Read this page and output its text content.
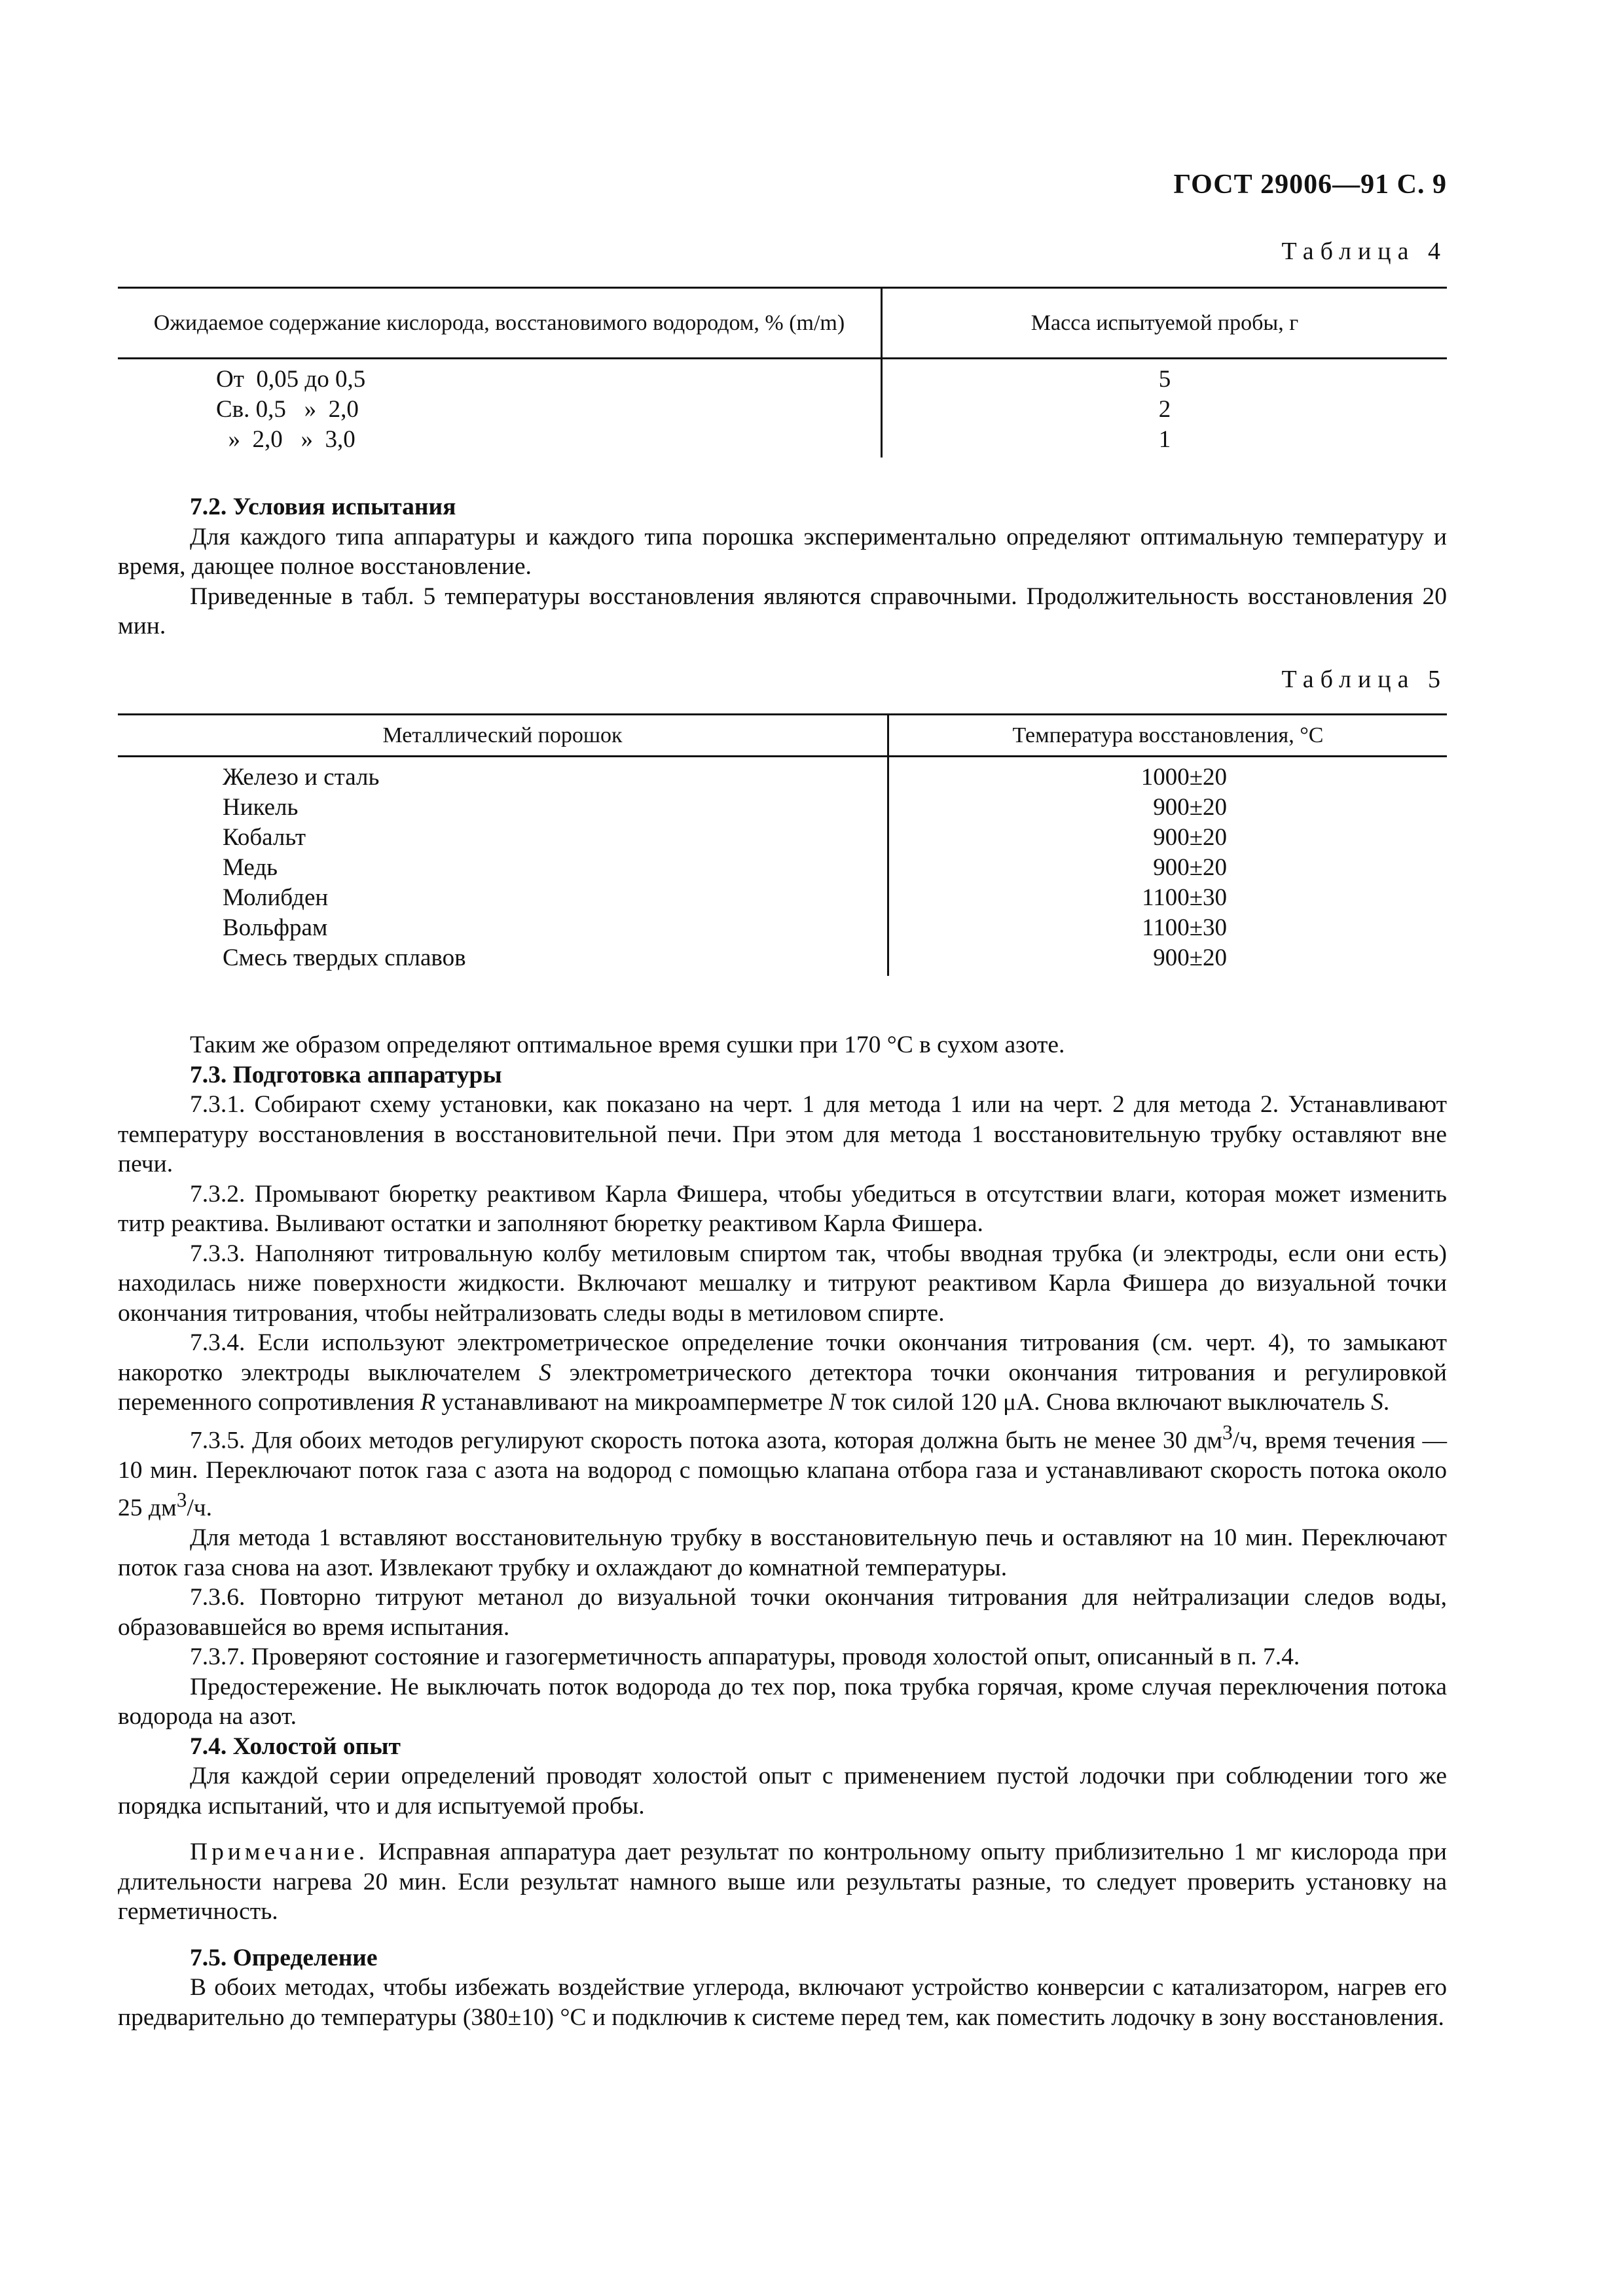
ГОСТ 29006—91 С. 9
Таблица 4
Ожидаемое содержание кислорода, восстановимого водородом, % (m/m)	Масса испытуемой пробы, г
От  0,05 до 0,5	5
Св. 0,5   »  2,0	2
»  2,0   »  3,0	1

7.2. Условия испытания

Для каждого типа аппаратуры и каждого типа порошка экспериментально определяют оптимальную температуру и время, дающее полное восстановление.

Приведенные в табл. 5 температуры восстановления являются справочными. Продолжительность восстановления 20 мин.

Таблица 5
Металлический порошок	Температура восстановления, °С
Железо и сталь	1000±20
Никель	900±20
Кобальт	900±20
Медь	900±20
Молибден	1100±30
Вольфрам	1100±30
Смесь твердых сплавов	900±20

Таким же образом определяют оптимальное время сушки при 170 °С в сухом азоте.

7.3. Подготовка аппаратуры

7.3.1. Собирают схему установки, как показано на черт. 1 для метода 1 или на черт. 2 для метода 2. Устанавливают температуру восстановления в восстановительной печи. При этом для метода 1 восстановительную трубку оставляют вне печи.

7.3.2. Промывают бюретку реактивом Карла Фишера, чтобы убедиться в отсутствии влаги, которая может изменить титр реактива. Выливают остатки и заполняют бюретку реактивом Карла Фишера.

7.3.3. Наполняют титровальную колбу метиловым спиртом так, чтобы вводная трубка (и электроды, если они есть) находилась ниже поверхности жидкости. Включают мешалку и титруют реактивом Карла Фишера до визуальной точки окончания титрования, чтобы нейтрализовать следы воды в метиловом спирте.

7.3.4. Если используют электрометрическое определение точки окончания титрования (см. черт. 4), то замыкают накоротко электроды выключателем S электрометрического детектора точки окончания титрования и регулировкой переменного сопротивления R устанавливают на микроамперметре N ток силой 120 μА. Снова включают выключатель S.

7.3.5. Для обоих методов регулируют скорость потока азота, которая должна быть не менее 30 $дм^3/ч$, время течения — 10 мин. Переключают поток газа с азота на водород с помощью клапана отбора газа и устанавливают скорость потока около 25 $дм^3/ч$.

Для метода 1 вставляют восстановительную трубку в восстановительную печь и оставляют на 10 мин. Переключают поток газа снова на азот. Извлекают трубку и охлаждают до комнатной температуры.

7.3.6. Повторно титруют метанол до визуальной точки окончания титрования для нейтрализации следов воды, образовавшейся во время испытания.

7.3.7. Проверяют состояние и газогерметичность аппаратуры, проводя холостой опыт, описанный в п. 7.4.

Предостережение. Не выключать поток водорода до тех пор, пока трубка горячая, кроме случая переключения потока водорода на азот.

7.4. Холостой опыт

Для каждой серии определений проводят холостой опыт с применением пустой лодочки при соблюдении того же порядка испытаний, что и для испытуемой пробы.

Примечание. Исправная аппаратура дает результат по контрольному опыту приблизительно 1 мг кислорода при длительности нагрева 20 мин. Если результат намного выше или результаты разные, то следует проверить установку на герметичность.

7.5. Определение

В обоих методах, чтобы избежать воздействие углерода, включают устройство конверсии с катализатором, нагрев его предварительно до температуры (380±10) °С и подключив к системе перед тем, как поместить лодочку в зону восстановления.
